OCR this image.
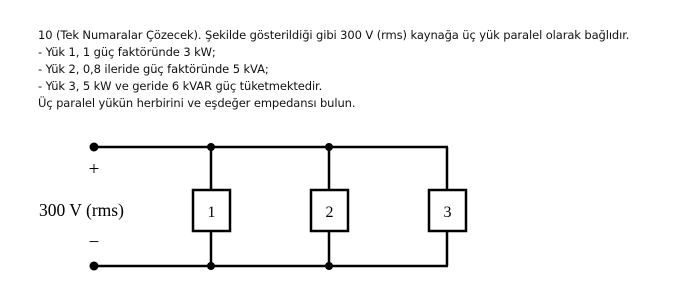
10 (Tek Numaralar Çözecek). Şekilde gösterildiği gibi 300 V (rms) kaynağa üç yük paralel olarak bağlıdır.

- Yük 1, 1 güç faktöründe 3 kW;

- Yük 2, 0,8 ileride güç faktöründe 5 kVA;

- Yük 3, 5 kW ve geride 6 kVAR güç tüketmektedir.

Üç paralel yükün herbirini ve eşdeğer empedansı bulun.

1	2	3
+
300 V (rms)
−
